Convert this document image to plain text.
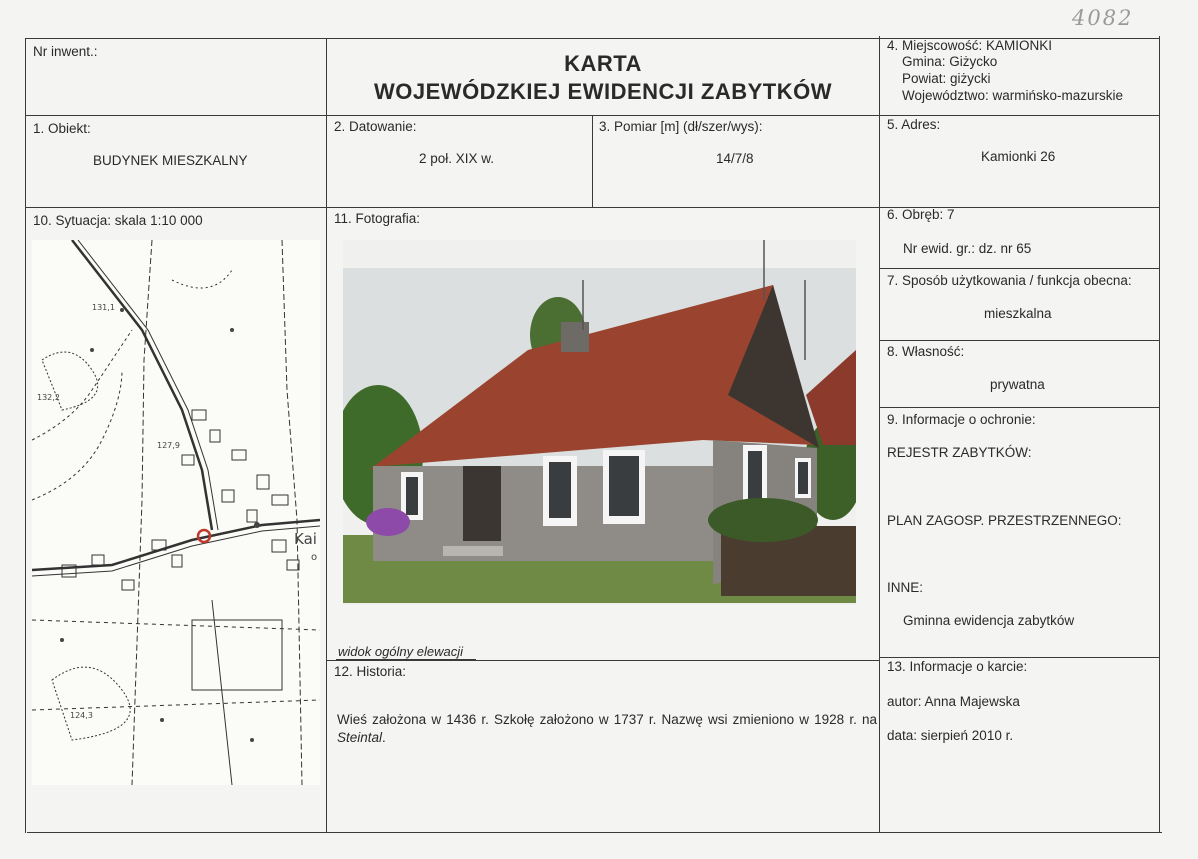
4082
Nr inwent.:	KARTA
WOJEWÓDZKIEJ EWIDENCJI ZABYTKÓW
4. Miejscowość: KAMIONKI
Gmina: Giżycko
Powiat: giżycki
Województwo: warmińsko-mazurskie
1. Obiekt:
BUDYNEK MIESZKALNY
2. Datowanie:
2 poł. XIX w.
3. Pomiar [m] (dł/szer/wys):
14/7/8
5. Adres:
Kamionki 26
10. Sytuacja: skala 1:10 000	11. Fotografia:
131,1
132,2
127,9
124,3
Kai
o
widok ogólny elewacji
6. Obręb: 7
Nr ewid. gr.: dz. nr 65
7. Sposób użytkowania / funkcja obecna:
mieszkalna
8. Własność:
prywatna
9. Informacje o ochronie:
REJESTR ZABYTKÓW:
PLAN ZAGOSP. PRZESTRZENNEGO:
INNE:
Gminna ewidencja zabytków
13. Informacje o karcie:
autor: Anna Majewska
data: sierpień 2010 r.
12. Historia:
Wieś założona w 1436 r. Szkołę założono w 1737 r. Nazwę wsi zmieniono w 1928 r. na Steintal.
